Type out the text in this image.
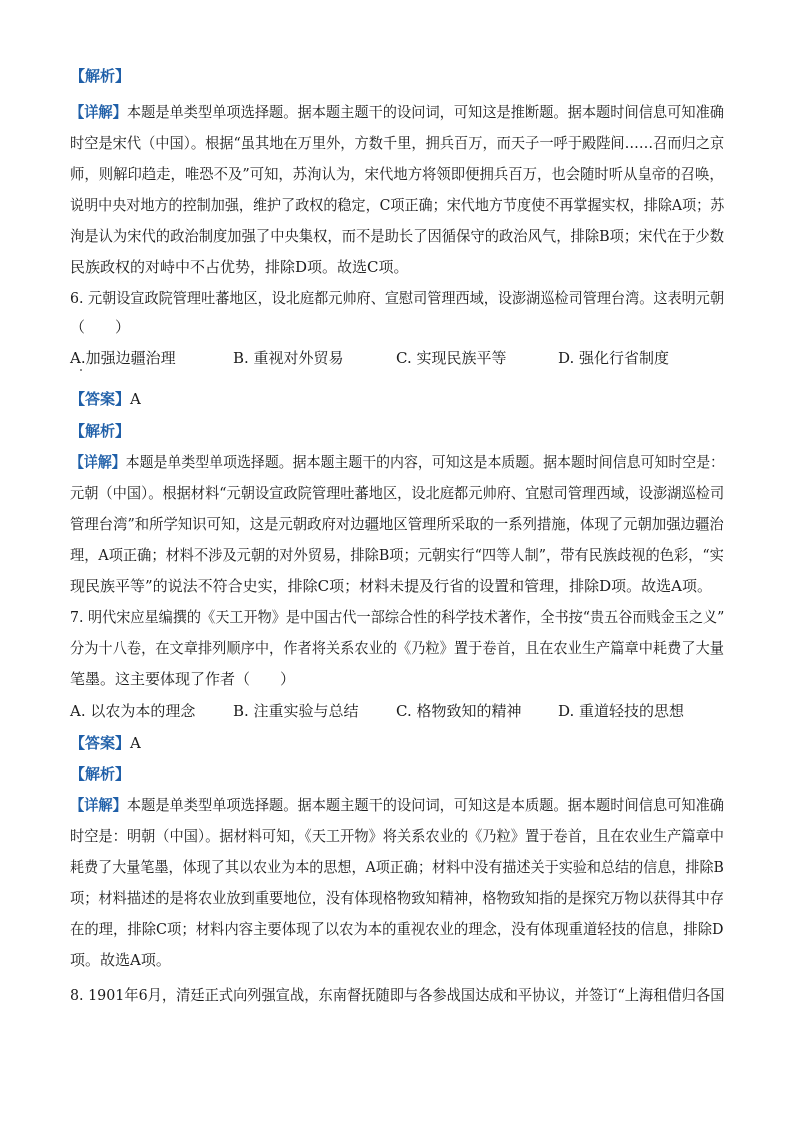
【解析】
【详解】本题是单类型单项选择题。据本题主题干的设问词，可知这是推断题。据本题时间信息可知准确
时空是宋代（中国）。根据“虽其地在万里外，方数千里，拥兵百万，而天子一呼于殿陛间……召而归之京
师，则解印趋走，唯恐不及”可知，苏洵认为，宋代地方将领即便拥兵百万，也会随时听从皇帝的召唤，
说明中央对地方的控制加强，维护了政权的稳定，C项正确；宋代地方节度使不再掌握实权，排除A项；苏
洵是认为宋代的政治制度加强了中央集权，而不是助长了因循保守的政治风气，排除B项；宋代在于少数
民族政权的对峙中不占优势，排除D项。故选C项。
6. 元朝设宣政院管理吐蕃地区，设北庭都元帅府、宣慰司管理西域，设澎湖巡检司管理台湾。这表明元朝
（　　）
A.加强边疆治理	B. 重视对外贸易	C. 实现民族平等	D. 强化行省制度
【答案】A
【解析】
【详解】本题是单类型单项选择题。据本题主题干的内容，可知这是本质题。据本题时间信息可知时空是：
元朝（中国）。根据材料“元朝设宣政院管理吐蕃地区，设北庭都元帅府、宜慰司管理西域，设澎湖巡检司
管理台湾”和所学知识可知，这是元朝政府对边疆地区管理所采取的一系列措施，体现了元朝加强边疆治
理，A项正确；材料不涉及元朝的对外贸易，排除B项；元朝实行“四等人制”，带有民族歧视的色彩，“实
现民族平等”的说法不符合史实，排除C项；材料未提及行省的设置和管理，排除D项。故选A项。
7. 明代宋应星编撰的《天工开物》是中国古代一部综合性的科学技术著作，全书按“贵五谷而贱金玉之义”
分为十八卷，在文章排列顺序中，作者将关系农业的《乃粒》置于卷首，且在农业生产篇章中耗费了大量
笔墨。这主要体现了作者（　　）
A. 以农为本的理念	B. 注重实验与总结 C. 格物致知的精神 D. 重道轻技的思想
【答案】A
【解析】
【详解】本题是单类型单项选择题。据本题主题干的设问词，可知这是本质题。据本题时间信息可知准确
时空是：明朝（中国）。据材料可知，《天工开物》将关系农业的《乃粒》置于卷首，且在农业生产篇章中
耗费了大量笔墨，体现了其以农业为本的思想，A项正确；材料中没有描述关于实验和总结的信息，排除B
项；材料描述的是将农业放到重要地位，没有体现格物致知精神，格物致知指的是探究万物以获得其中存
在的理，排除C项；材料内容主要体现了以农为本的重视农业的理念，没有体现重道轻技的信息，排除D
项。故选A项。
8. 1901年6月，清廷正式向列强宣战，东南督抚随即与各参战国达成和平协议，并签订“上海租借归各国
